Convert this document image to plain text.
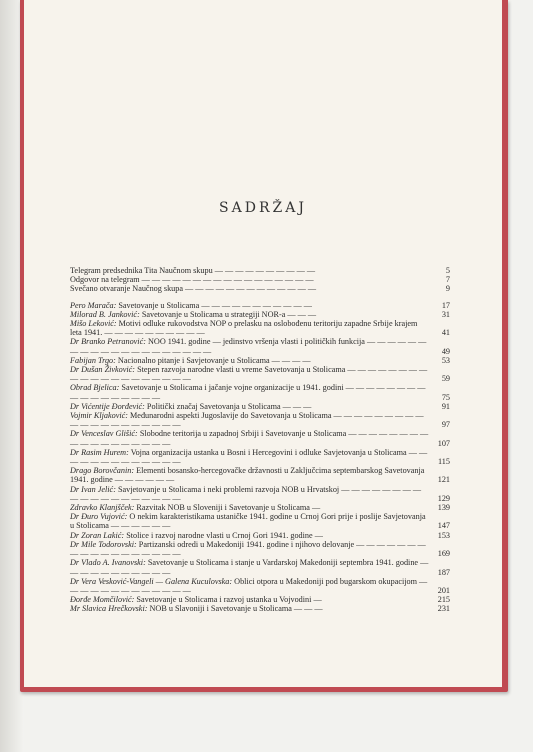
SADRŽAJ
Telegram predsednika Tita Naučnom skupu — — — — — — — — — —	5
Odgovor na telegram — — — — — — — — — — — — — — — — —	7
Svečano otvaranje Naučnog skupa — — — — — — — — — — — — —	9
Pero Marača: Savetovanje u Stolicama — — — — — — — — — — —	17
Milorad B. Janković: Savetovanje u Stolicama u strategiji NOR-a — — —	31
Mišo Leković: Motivi odluke rukovodstva NOP o prelasku na oslobođenu teritoriju zapadne Srbije krajem leta 1941. — — — — — — — — — —	41
Dr Branko Petranović: NOO 1941. godine — jedinstvo vršenja vlasti i političkih funkcija — — — — — — — — — — — — — — — — — — — —	49
Fabijan Trgo: Nacionalno pitanje i Savjetovanje u Stolicama — — — —	53
Dr Dušan Živković: Stepen razvoja narodne vlasti u vreme Savetovanja u Stolicama — — — — — — — — — — — — — — — — — — — —	59
Obrad Bjelica: Savetovanje u Stolicama i jačanje vojne organizacije u 1941. godini — — — — — — — — — — — — — — — — —	75
Dr Vićentije Đorđević: Politički značaj Savetovanja u Stolicama — — —	91
Vojmir Kljaković: Međunarodni aspekti Jugoslavije do Savetovanja u Stolicama — — — — — — — — — — — — — — — — — — — —	97
Dr Venceslav Glišić: Slobodne teritorija u zapadnoj Srbiji i Savetovanje u Stolicama — — — — — — — — — — — — — — — — — —	107
Dr Rasim Hurem: Vojna organizacija ustanka u Bosni i Hercegovini i odluke Savjetovanja u Stolicama — — — — — — — — — — — — —	115
Drago Borovčanin: Elementi bosansko-hercegovačke državnosti u Zaključcima septembarskog Savetovanja 1941. godine — — — — — —	121
Dr Ivan Jelić: Savjetovanje u Stolicama i neki problemi razvoja NOB u Hrvatskoj — — — — — — — — — — — — — — — — — — —	129
Zdravko Klanjšček: Razvitak NOB u Sloveniji i Savetovanje u Stolicama —	139
Dr Đuro Vujović: O nekim karakteristikama ustaničke 1941. godine u Crnoj Gori prije i poslije Savjetovanja u Stolicama — — — — — —	147
Dr Zoran Lakić: Stolice i razvoj narodne vlasti u Crnoj Gori 1941. godine —	153
Dr Mile Todorovski: Partizanski odredi u Makedoniji 1941. godine i njihovo delovanje — — — — — — — — — — — — — — — — — —	169
Dr Vlado A. Ivanovski: Savetovanje u Stolicama i stanje u Vardarskoj Makedoniji septembra 1941. godine — — — — — — — — — — —	187
Dr Vera Vesković-Vangeli — Galena Kuculovska: Oblici otpora u Makedoniji pod bugarskom okupacijom — — — — — — — — — — — — —	201
Đorđe Momčilović: Savetovanje u Stolicama i razvoj ustanka u Vojvodini —	215
Mr Slavica Hrečkovski: NOB u Slavoniji i Savetovanje u Stolicama — — —	231
